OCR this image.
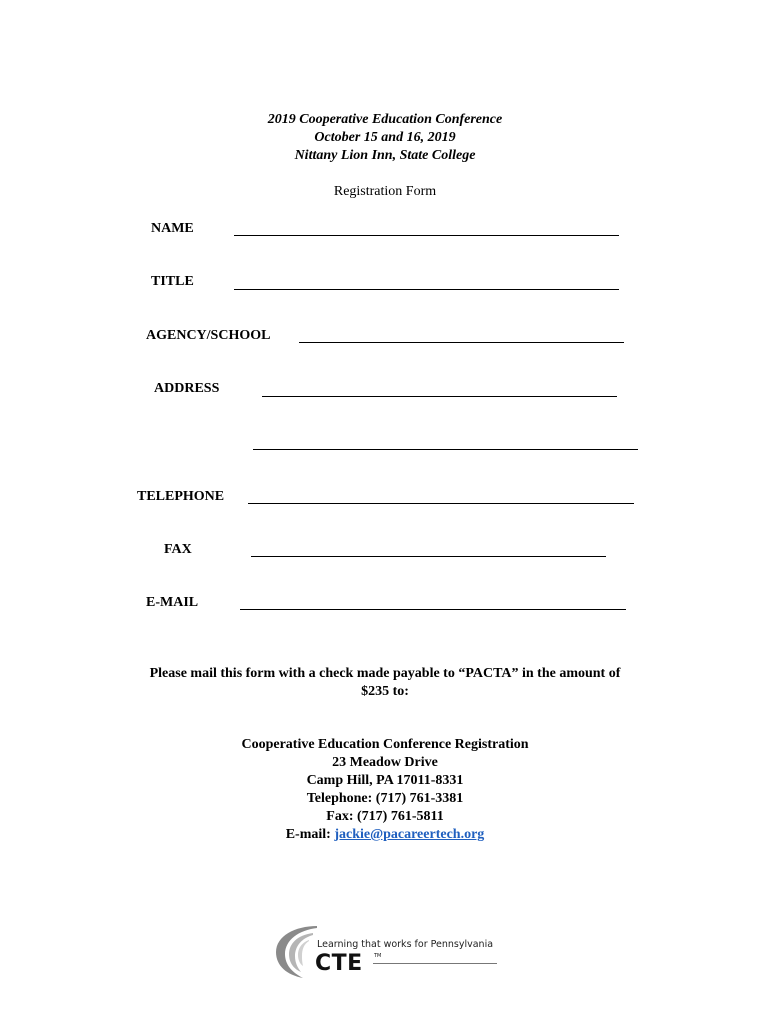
2019 Cooperative Education Conference
October 15 and 16, 2019
Nittany Lion Inn, State College
Registration Form
NAME
TITLE
AGENCY/SCHOOL
ADDRESS
TELEPHONE
FAX
E-MAIL
Please mail this form with a check made payable to “PACTA” in the amount of
$235 to:
Cooperative Education Conference Registration
23 Meadow Drive
Camp Hill, PA 17011-8331
Telephone: (717) 761-3381
Fax: (717) 761-5811
E-mail: jackie@pacareertech.org
Learning that works for Pennsylvania
CTE TM
